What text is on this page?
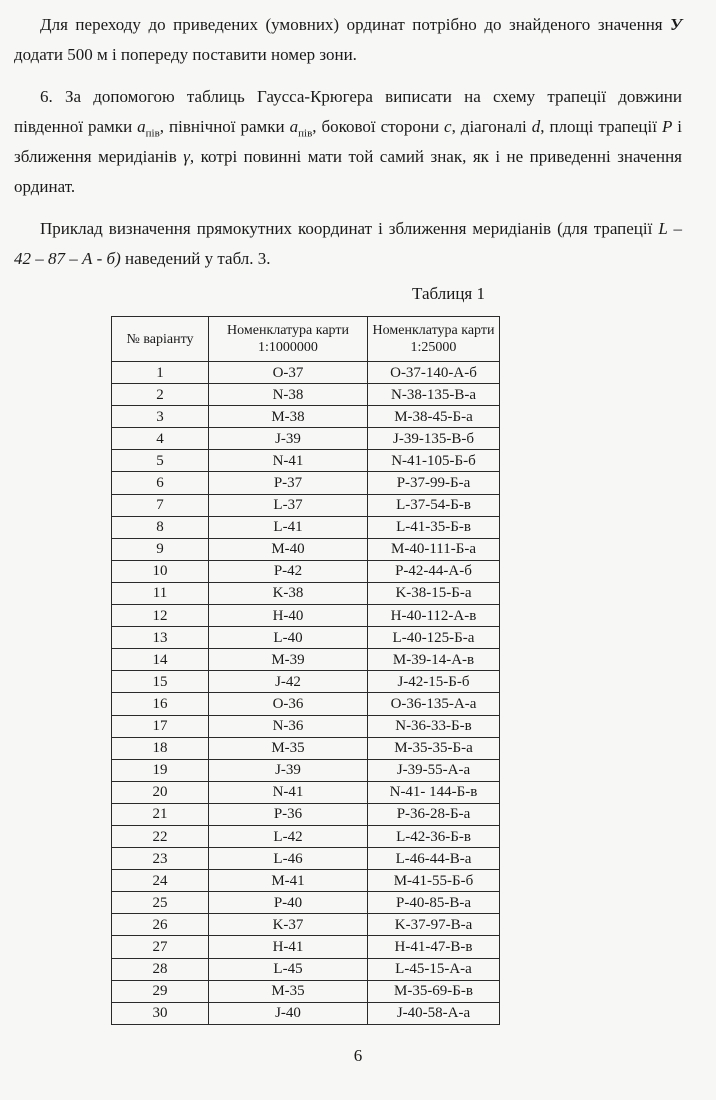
Для переходу до приведених (умовних) ординат потрібно до знайденого значення У додати 500 м і попереду поставити номер зони.
6. За допомогою таблиць Гаусса-Крюгера виписати на схему трапеції довжини південної рамки $a_{пів}$, північної рамки $a_{пів}$, бокової сторони c, діагоналі d, площі трапеції P і зближення меридіанів γ, котрі повинні мати той самий знак, як і не приведенні значення ординат.
Приклад визначення прямокутних координат і зближення меридіанів (для трапеції L – 42 – 87 – А - б) наведений у табл. 3.
Таблиця 1
№ варіанту	Номенклатура карти 1:1000000	Номенклатура карти 1:25000
1	O-37	O-37-140-А-б
2	N-38	N-38-135-В-а
3	M-38	M-38-45-Б-а
4	J-39	J-39-135-В-б
5	N-41	N-41-105-Б-б
6	P-37	P-37-99-Б-а
7	L-37	L-37-54-Б-в
8	L-41	L-41-35-Б-в
9	M-40	M-40-111-Б-а
10	P-42	P-42-44-А-б
11	K-38	K-38-15-Б-а
12	H-40	H-40-112-А-в
13	L-40	L-40-125-Б-а
14	M-39	M-39-14-А-в
15	J-42	J-42-15-Б-б
16	O-36	O-36-135-А-а
17	N-36	N-36-33-Б-в
18	M-35	M-35-35-Б-а
19	J-39	J-39-55-А-а
20	N-41	N-41- 144-Б-в
21	P-36	P-36-28-Б-а
22	L-42	L-42-36-Б-в
23	L-46	L-46-44-В-а
24	M-41	M-41-55-Б-б
25	P-40	P-40-85-В-а
26	K-37	K-37-97-В-а
27	H-41	H-41-47-В-в
28	L-45	L-45-15-А-а
29	M-35	M-35-69-Б-в
30	J-40	J-40-58-А-а
6
